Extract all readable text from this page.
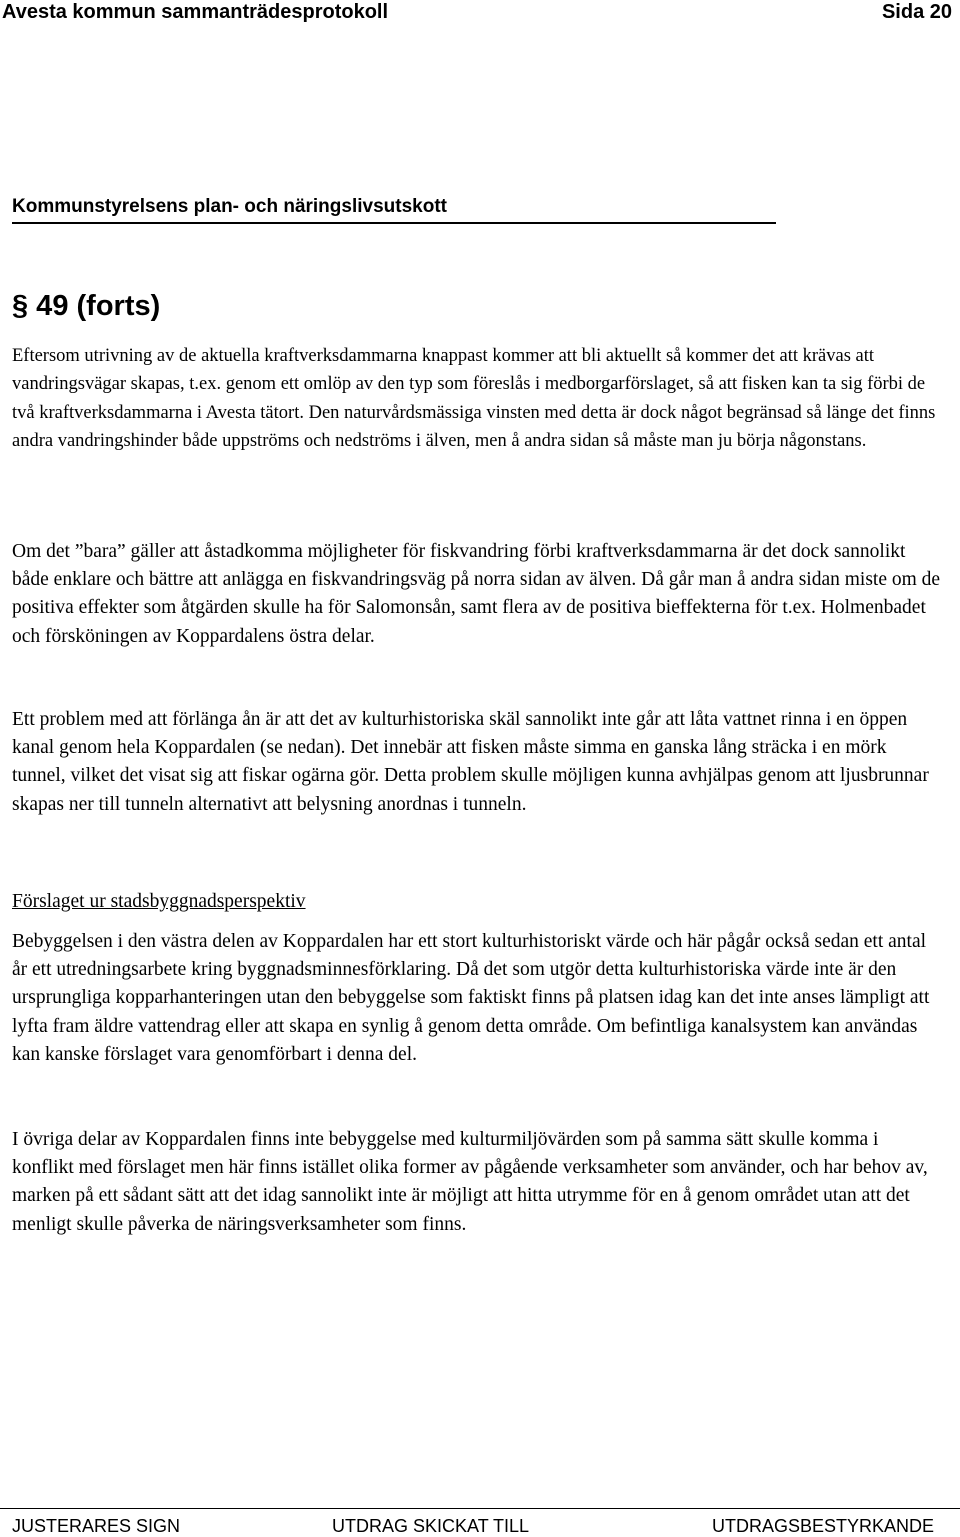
Avesta kommun sammanträdesprotokoll	Sida 20
Kommunstyrelsens plan- och näringslivsutskott
§ 49 (forts)

Eftersom utrivning av de aktuella kraftverksdammarna knappast kommer att bli aktuellt så kommer det att krävas att vandringsvägar skapas, t.ex. genom ett omlöp av den typ som föreslås i medborgarförslaget, så att fisken kan ta sig förbi de två kraftverksdammarna i Avesta tätort. Den naturvårdsmässiga vinsten med detta är dock något begränsad så länge det finns andra vandringshinder både uppströms och nedströms i älven, men å andra sidan så måste man ju börja någonstans.

Om det ”bara” gäller att åstadkomma möjligheter för fiskvandring förbi kraftverksdammarna är det dock sannolikt både enklare och bättre att anlägga en fiskvandringsväg på norra sidan av älven. Då går man å andra sidan miste om de positiva effekter som åtgärden skulle ha för Salomonsån, samt flera av de positiva bieffekterna för t.ex. Holmenbadet och försköningen av Koppardalens östra delar.

Ett problem med att förlänga ån är att det av kulturhistoriska skäl sannolikt inte går att låta vattnet rinna i en öppen kanal genom hela Koppardalen (se nedan). Det innebär att fisken måste simma en ganska lång sträcka i en mörk tunnel, vilket det visat sig att fiskar ogärna gör. Detta problem skulle möjligen kunna avhjälpas genom att ljusbrunnar skapas ner till tunneln alternativt att belysning anordnas i tunneln.

Förslaget ur stadsbyggnadsperspektiv

Bebyggelsen i den västra delen av Koppardalen har ett stort kulturhistoriskt värde och här pågår också sedan ett antal år ett utredningsarbete kring byggnadsminnesförklaring. Då det som utgör detta kulturhistoriska värde inte är den ursprungliga kopparhanteringen utan den bebyggelse som faktiskt finns på platsen idag kan det inte anses lämpligt att lyfta fram äldre vattendrag eller att skapa en synlig å genom detta område. Om befintliga kanalsystem kan användas kan kanske förslaget vara genomförbart i denna del.

I övriga delar av Koppardalen finns inte bebyggelse med kulturmiljövärden som på samma sätt skulle komma i konflikt med förslaget men här finns istället olika former av pågående verksamheter som använder, och har behov av, marken på ett sådant sätt att det idag sannolikt inte är möjligt att hitta utrymme för en å genom området utan att det menligt skulle påverka de näringsverksamheter som finns.

JUSTERARES SIGN	UTDRAG SKICKAT TILL	UTDRAGSBESTYRKANDE
